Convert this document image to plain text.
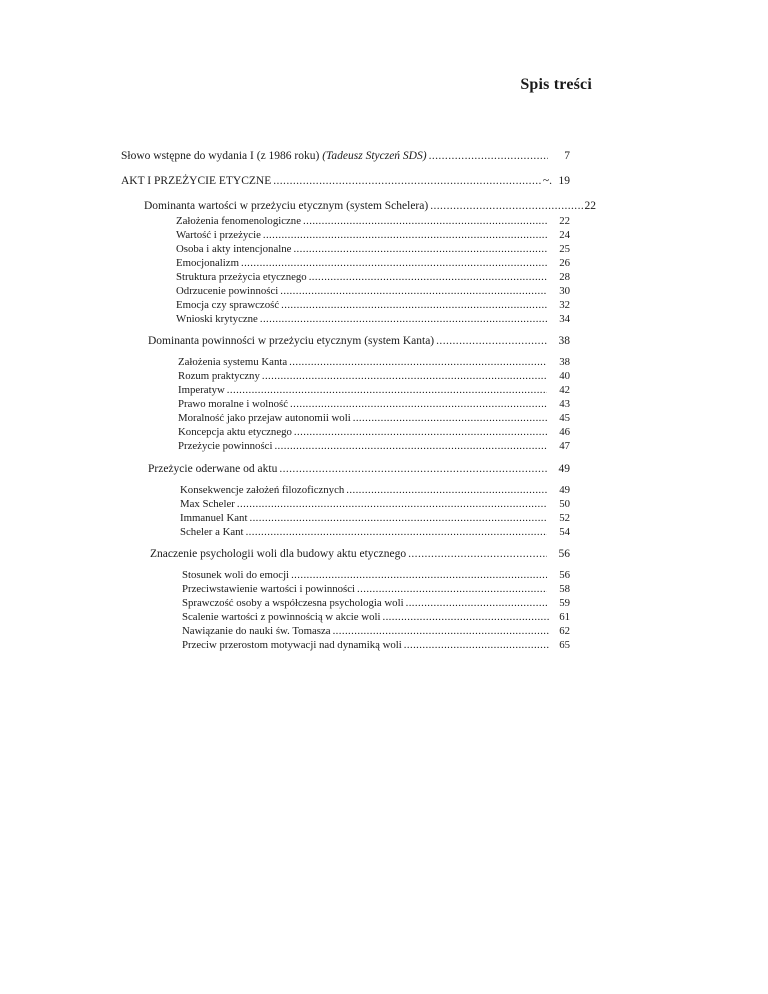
Spis treści
Słowo wstępne do wydania I (z 1986 roku) (Tadeusz Styczeń SDS) .....	7
AKT I PRZEŻYCIE ETYCZNE .....	~. 19
Dominanta wartości w przeżyciu etycznym (system Schelera) .....	22
Założenia fenomenologiczne .....	22
Wartość i przeżycie .....	24
Osoba i akty intencjonalne .....	25
Emocjonalizm .....	26
Struktura przeżycia etycznego .....	28
Odrzucenie powinności .....	30
Emocja czy sprawczość .....	32
Wnioski krytyczne .....	34
Dominanta powinności w przeżyciu etycznym (system Kanta) .....	38
Założenia systemu Kanta .....	38
Rozum praktyczny .....	40
Imperatyw .....	42
Prawo moralne i wolność .....	43
Moralność jako przejaw autonomii woli .....	45
Koncepcja aktu etycznego .....	46
Przeżycie powinności .....	47
Przeżycie oderwane od aktu .....	49
Konsekwencje założeń filozoficznych .....	49
Max Scheler .....	50
Immanuel Kant .....	52
Scheler a Kant .....	54
Znaczenie psychologii woli dla budowy aktu etycznego .....	56
Stosunek woli do emocji .....	56
Przeciwstawienie wartości i powinności .....	58
Sprawczość osoby a współczesna psychologia woli .....	59
Scalenie wartości z powinnością w akcie woli .....	61
Nawiązanie do nauki św. Tomasza .....	62
Przeciw przerostom motywacji nad dynamiką woli .....	65
